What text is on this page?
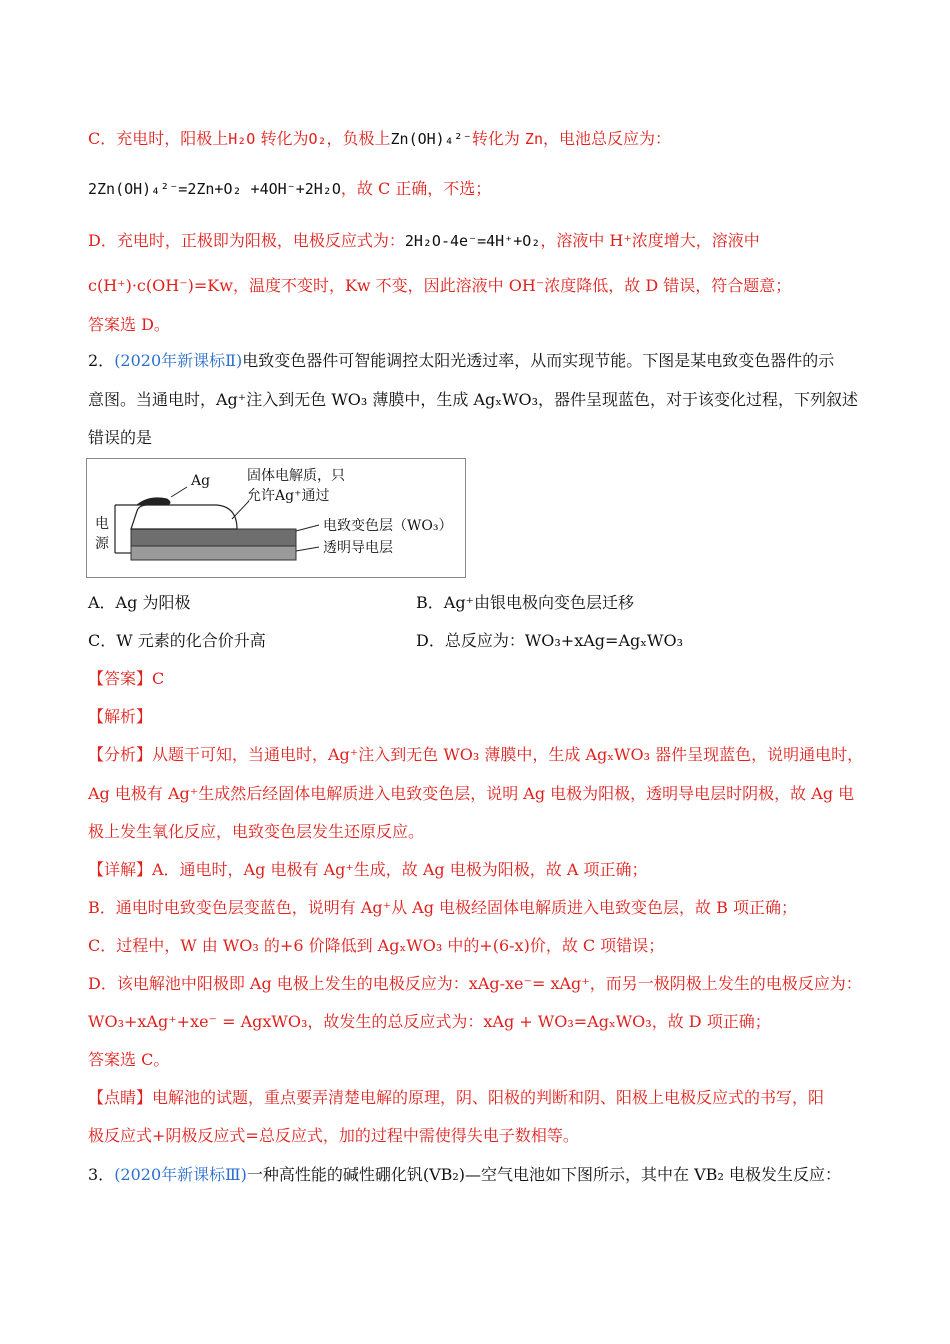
C．充电时，阳极上H₂O 转化为O₂，负极上Zn(OH)₄²⁻转化为 Zn，电池总反应为：
2Zn(OH)₄²⁻=2Zn+O₂ +4OH⁻+2H₂O，故 C 正确，不选；
D．充电时，正极即为阳极，电极反应式为：2H₂O-4e⁻=4H⁺+O₂，溶液中 H⁺浓度增大，溶液中
c(H⁺)·c(OH⁻)=Kw，温度不变时，Kw 不变，因此溶液中 OH⁻浓度降低，故 D 错误，符合题意；
答案选 D。
2．(2020年新课标Ⅱ)电致变色器件可智能调控太阳光透过率，从而实现节能。下图是某电致变色器件的示
意图。当通电时，Ag⁺注入到无色 WO₃ 薄膜中，生成 AgₓWO₃，器件呈现蓝色，对于该变化过程，下列叙述
错误的是
Ag	固体电解质，只
允许Ag⁺通过
电
源
电致变色层（WO₃）
透明导电层
A．Ag 为阳极	B．Ag⁺由银电极向变色层迁移
C．W 元素的化合价升高	D．总反应为：WO₃+xAg=AgₓWO₃
【答案】C
【解析】
【分析】从题干可知，当通电时，Ag⁺注入到无色 WO₃ 薄膜中，生成 AgₓWO₃ 器件呈现蓝色，说明通电时，
Ag 电极有 Ag⁺生成然后经固体电解质进入电致变色层，说明 Ag 电极为阳极，透明导电层时阴极，故 Ag 电
极上发生氧化反应，电致变色层发生还原反应。
【详解】A．通电时，Ag 电极有 Ag⁺生成，故 Ag 电极为阳极，故 A 项正确；
B．通电时电致变色层变蓝色，说明有 Ag⁺从 Ag 电极经固体电解质进入电致变色层，故 B 项正确；
C．过程中，W 由 WO₃ 的+6 价降低到 AgₓWO₃ 中的+(6-x)价，故 C 项错误；
D．该电解池中阳极即 Ag 电极上发生的电极反应为：xAg-xe⁻= xAg⁺，而另一极阴极上发生的电极反应为：
WO₃+xAg⁺+xe⁻ = AgxWO₃，故发生的总反应式为：xAg + WO₃=AgₓWO₃，故 D 项正确；
答案选 C。
【点睛】电解池的试题，重点要弄清楚电解的原理，阴、阳极的判断和阴、阳极上电极反应式的书写，阳
极反应式+阴极反应式=总反应式，加的过程中需使得失电子数相等。
3．(2020年新课标Ⅲ)一种高性能的碱性硼化钒(VB₂)—空气电池如下图所示，其中在 VB₂ 电极发生反应：
